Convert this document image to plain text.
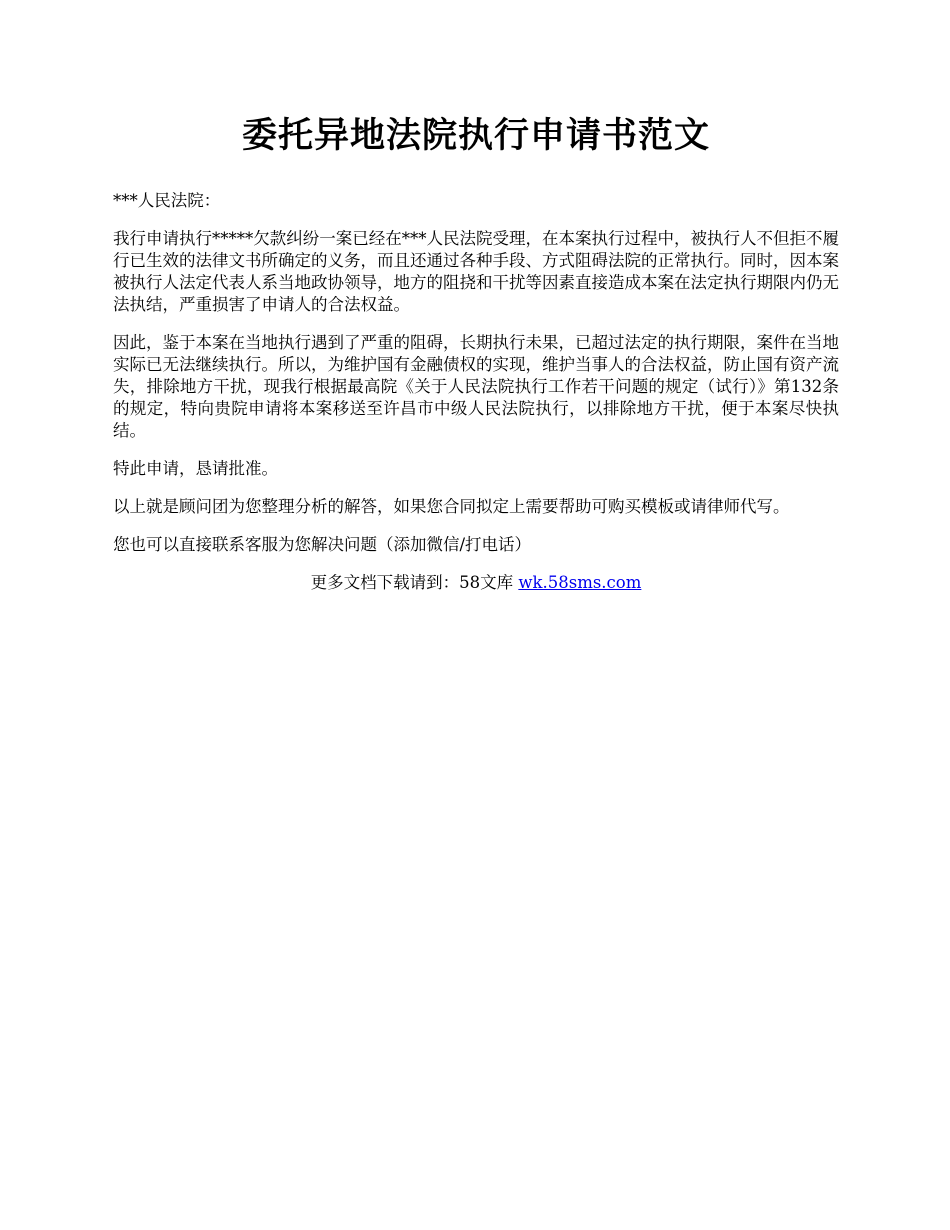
委托异地法院执行申请书范文

***人民法院：

我行申请执行*****欠款纠纷一案已经在***人民法院受理，在本案执行过程中，被执行人不但拒不履行已生效的法律文书所确定的义务，而且还通过各种手段、方式阻碍法院的正常执行。同时，因本案被执行人法定代表人系当地政协领导，地方的阻挠和干扰等因素直接造成本案在法定执行期限内仍无法执结，严重损害了申请人的合法权益。

因此，鉴于本案在当地执行遇到了严重的阻碍，长期执行未果，已超过法定的执行期限，案件在当地实际已无法继续执行。所以，为维护国有金融债权的实现，维护当事人的合法权益，防止国有资产流失，排除地方干扰，现我行根据最高院《关于人民法院执行工作若干问题的规定（试行）》第132条的规定，特向贵院申请将本案移送至许昌市中级人民法院执行，以排除地方干扰，便于本案尽快执结。

特此申请，恳请批准。

以上就是顾问团为您整理分析的解答，如果您合同拟定上需要帮助可购买模板或请律师代写。

您也可以直接联系客服为您解决问题（添加微信/打电话）

更多文档下载请到：58文库 wk.58sms.com
